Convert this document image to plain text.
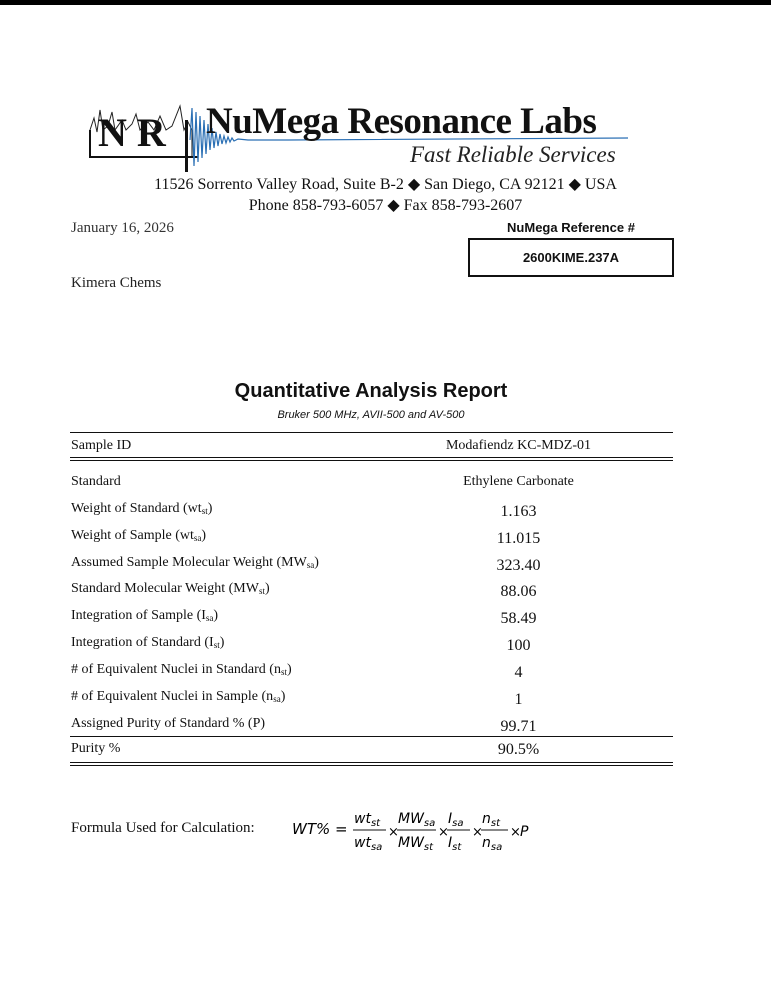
N R NuMega Resonance Labs
Fast Reliable Services
11526 Sorrento Valley Road, Suite B-2 ◆ San Diego, CA 92121 ◆ USA
Phone 858-793-6057 ◆ Fax 858-793-2607
January 16, 2026
Kimera Chems
NuMega Reference #
2600KIME.237A
Quantitative Analysis Report
Bruker 500 MHz, AVII-500 and AV-500
Sample ID	Modafiendz KC-MDZ-01
Standard	Ethylene Carbonate
Weight of Standard $(wt_{st})$	1.163
Weight of Sample $(wt_{sa})$	11.015
Assumed Sample Molecular Weight $(MW_{sa})$	323.40
Standard Molecular Weight $(MW_{st})$	88.06
Integration of Sample $(I_{sa})$	58.49
Integration of Standard $(I_{st})$	100
# of Equivalent Nuclei in Standard $(n_{st})$	4
# of Equivalent Nuclei in Sample $(n_{sa})$	1
Assigned Purity of Standard % (P)	99.71
Purity %	90.5%
Formula Used for Calculation: WT% =
$wt_{st}$
$wt_{sa}$
×
$MW_{sa}$
$MW_{st}$
×
$I_{sa}$
$I_{st}$
×
$n_{st}$
$n_{sa}$
× P
